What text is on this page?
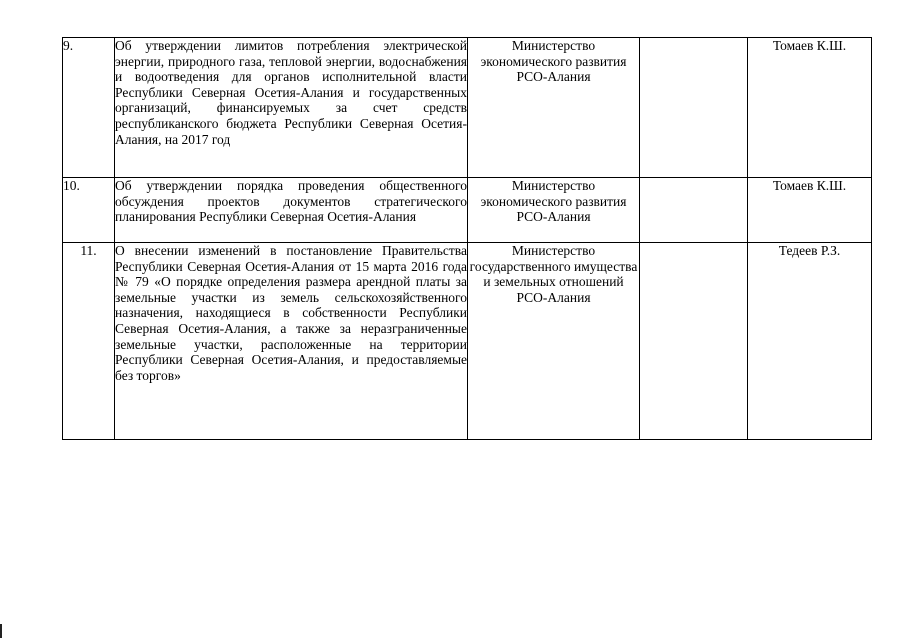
9.	Об утверждении лимитов потребления электрической энергии, природного газа, тепловой энергии, водоснабжения и водоотведения для органов исполнительной власти Республики Северная Осетия-Алания и государственных организаций, финансируемых за счет средств республиканского бюджета Республики Северная Осетия-Алания, на 2017 год	Министерство экономического развития РСО-Алания		Томаев К.Ш.
10.	Об утверждении порядка проведения общественного обсуждения проектов документов стратегического планирования Республики Северная Осетия-Алания	Министерство экономического развития РСО-Алания		Томаев К.Ш.
11.	О внесении изменений в постановление Правительства Республики Северная Осетия-Алания от 15 марта 2016 года № 79 «О порядке определения размера арендной платы за земельные участки из земель сельскохозяйственного назначения, находящиеся в собственности Республики Северная Осетия-Алания, а также за неразграниченные земельные участки, расположенные на территории Республики Северная Осетия-Алания, и предоставляемые без торгов»	Министерство государственного имущества и земельных отношений РСО-Алания		Тедеев Р.З.
